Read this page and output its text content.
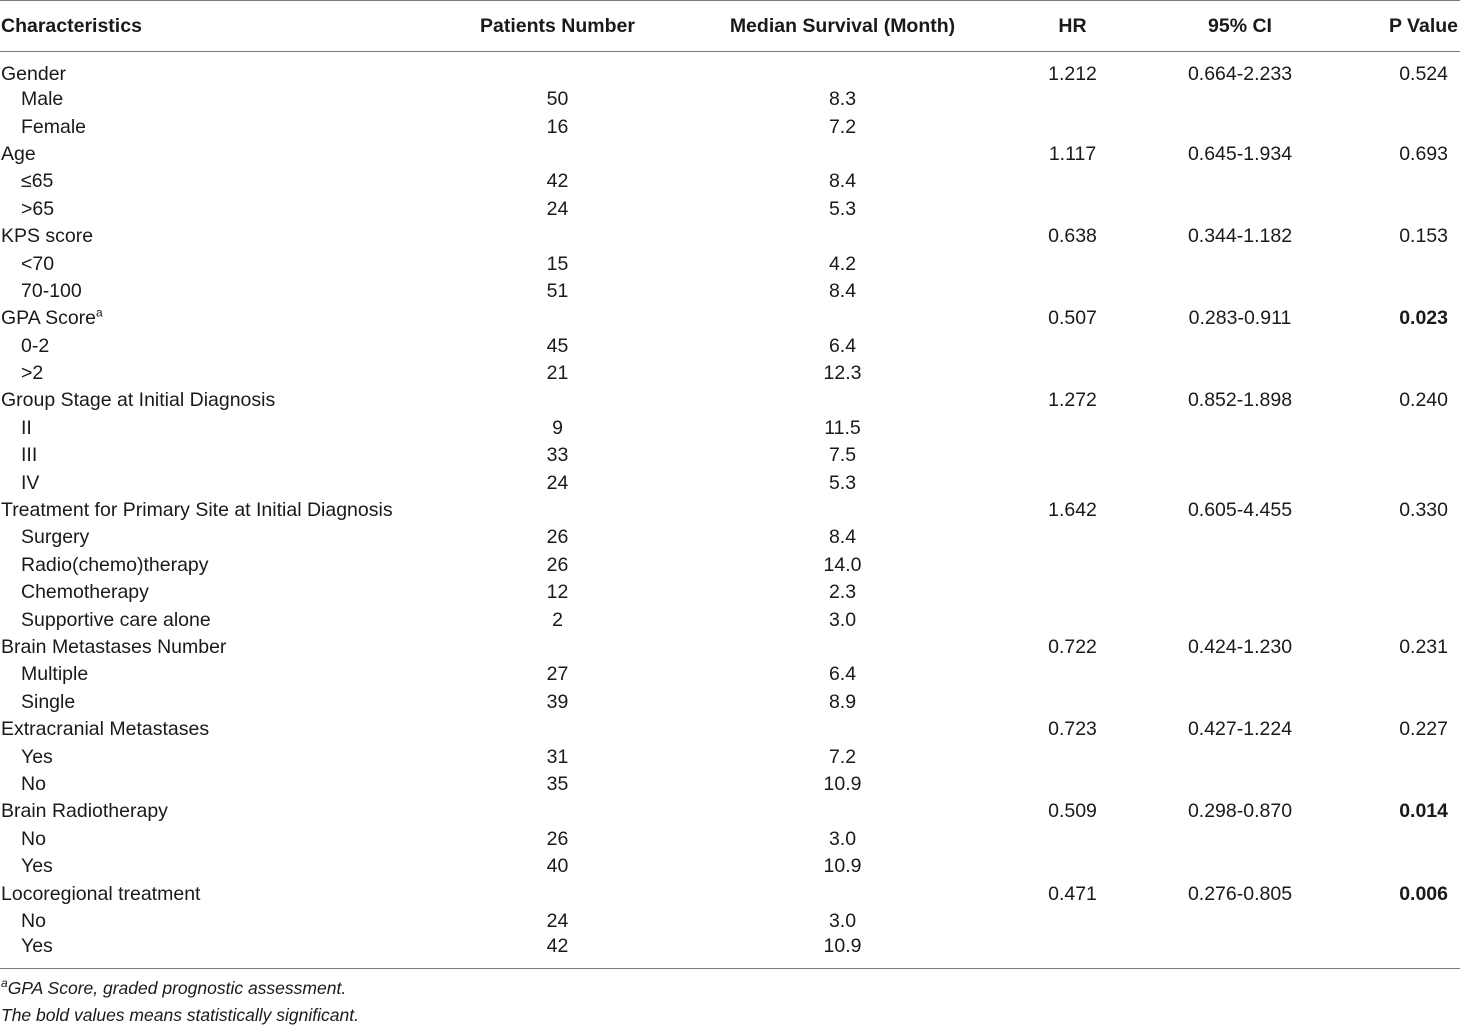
Characteristics	Patients Number	Median Survival (Month)	HR	95% CI	P Value
Gender			1.212	0.664-2.233	0.524
Male	50	8.3			
Female	16	7.2			
Age			1.117	0.645-1.934	0.693
≤65	42	8.4			
>65	24	5.3			
KPS score			0.638	0.344-1.182	0.153
<70	15	4.2			
70-100	51	8.4			
GPA Score$^a$			0.507	0.283-0.911	0.023
0-2	45	6.4			
>2	21	12.3			
Group Stage at Initial Diagnosis			1.272	0.852-1.898	0.240
II	9	11.5			
III	33	7.5			
IV	24	5.3			
Treatment for Primary Site at Initial Diagnosis			1.642	0.605-4.455	0.330
Surgery	26	8.4			
Radio(chemo)therapy	26	14.0			
Chemotherapy	12	2.3			
Supportive care alone	2	3.0			
Brain Metastases Number			0.722	0.424-1.230	0.231
Multiple	27	6.4			
Single	39	8.9			
Extracranial Metastases			0.723	0.427-1.224	0.227
Yes	31	7.2			
No	35	10.9			
Brain Radiotherapy			0.509	0.298-0.870	0.014
No	26	3.0			
Yes	40	10.9			
Locoregional treatment			0.471	0.276-0.805	0.006
No	24	3.0			
Yes	42	10.9			
$^a$GPA Score, graded prognostic assessment.
The bold values means statistically significant.
